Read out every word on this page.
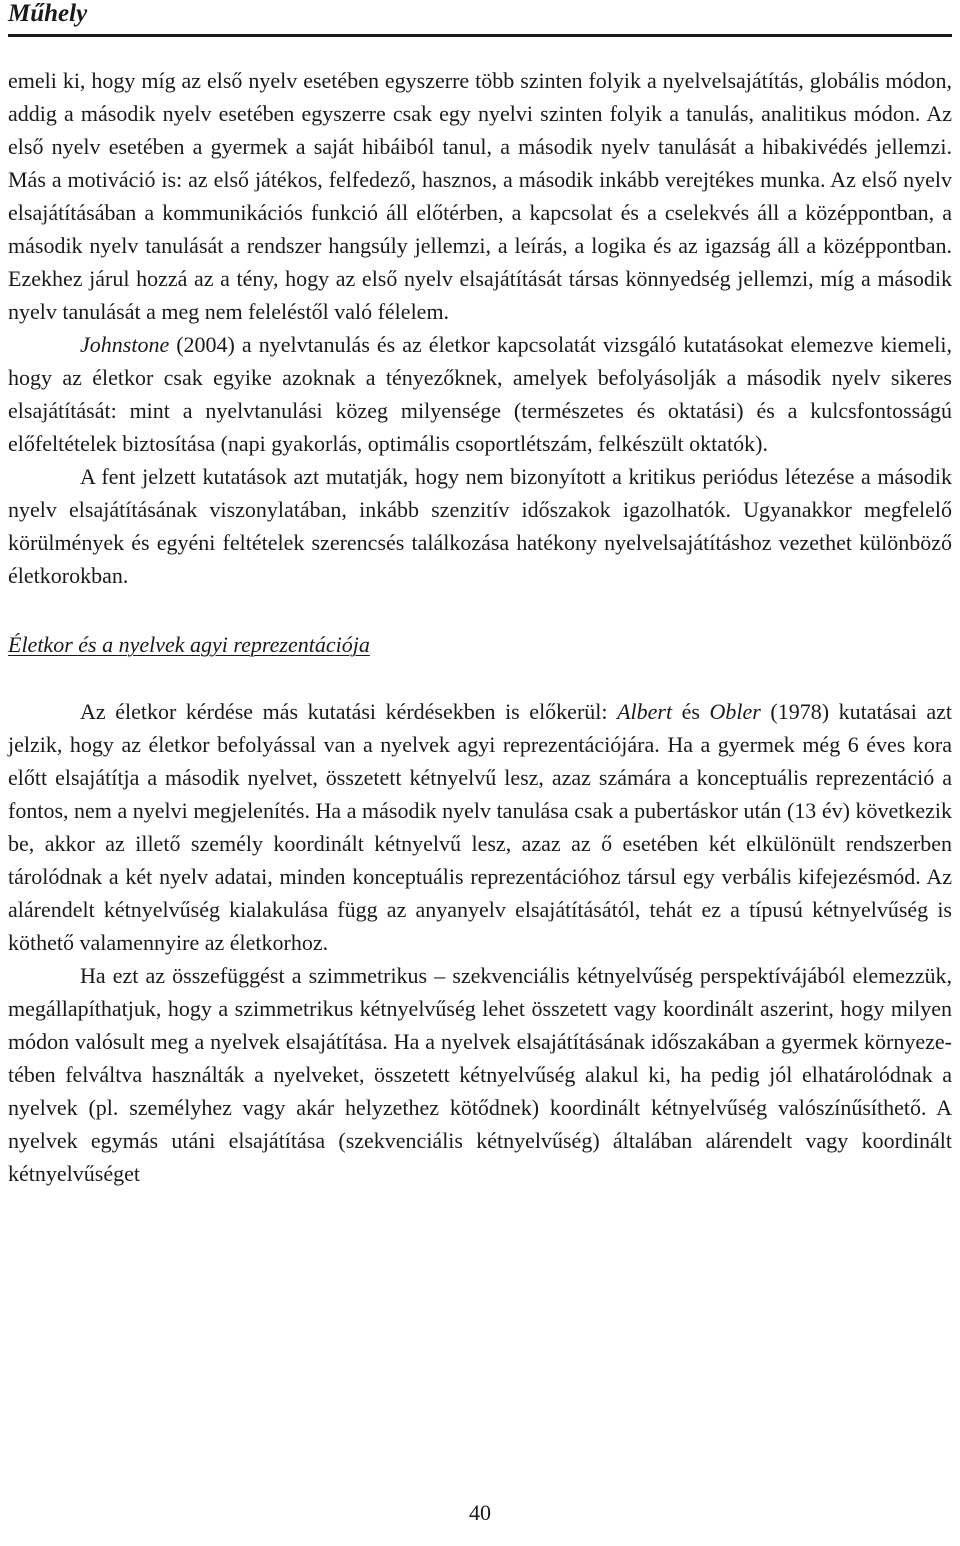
Műhely

emeli ki, hogy míg az első nyelv esetében egyszerre több szinten folyik a nyelvelsajátítás, globális módon, addig a második nyelv esetében egyszerre csak egy nyelvi szinten folyik a tanulás, analitikus módon. Az első nyelv esetében a gyermek a saját hibáiból tanul, a második nyelv tanulását a hibakivédés jellemzi. Más a motiváció is: az első játékos, felfedező, hasznos, a második inkább verejtékes munka. Az első nyelv elsajátításában a kommunikációs funkció áll előtérben, a kapcsolat és a cselekvés áll a középpontban, a második nyelv tanulását a rendszer hangsúly jellemzi, a leírás, a logika és az igazság áll a középpontban. Ezekhez járul hozzá az a tény, hogy az első nyelv elsajátítását társas könnyedség jellemzi, míg a második nyelv tanulását a meg nem feleléstől való félelem.

Johnstone (2004) a nyelvtanulás és az életkor kapcsolatát vizsgáló kutatásokat elemezve kiemeli, hogy az életkor csak egyike azoknak a tényezőknek, amelyek befolyásolják a második nyelv sikeres elsajátítását: mint a nyelvtanulási közeg milyensége (természetes és oktatási) és a kulcsfontosságú előfeltételek biztosítása (napi gyakorlás, optimális csoportlétszám, felkészült oktatók).

A fent jelzett kutatások azt mutatják, hogy nem bizonyított a kritikus periódus létezése a második nyelv elsajátításának viszonylatában, inkább szenzitív időszakok igazolhatók. Ugyanakkor megfelelő körülmények és egyéni feltételek szerencsés találkozása hatékony nyelvelsajátításhoz vezethet különböző életkorokban.

Életkor és a nyelvek agyi reprezentációja

Az életkor kérdése más kutatási kérdésekben is előkerül: Albert és Obler (1978) kutatásai azt jelzik, hogy az életkor befolyással van a nyelvek agyi reprezentációjára. Ha a gyermek még 6 éves kora előtt elsajátítja a második nyelvet, összetett kétnyelvű lesz, azaz számára a konceptuális reprezentáció a fontos, nem a nyelvi megjelenítés. Ha a második nyelv tanulása csak a pubertáskor után (13 év) következik be, akkor az illető személy koordinált kétnyelvű lesz, azaz az ő esetében két elkülönült rendszerben tárolódnak a két nyelv adatai, minden konceptuális reprezentációhoz társul egy verbális kifejezésmód. Az alárendelt kétnyelvűség kialakulása függ az anyanyelv elsajátításától, tehát ez a típusú kétnyelvűség is köthető valamennyire az életkorhoz.

Ha ezt az összefüggést a szimmetrikus – szekvenciális kétnyelvűség perspektívájából elemezzük, megállapíthatjuk, hogy a szimmetrikus kétnyelvűség lehet összetett vagy koordinált aszerint, hogy milyen módon valósult meg a nyelvek elsajátítása. Ha a nyelvek elsajátításának időszakában a gyermek környezetében felváltva használták a nyelveket, összetett kétnyelvűség alakul ki, ha pedig jól elhatárolódnak a nyelvek (pl. személyhez vagy akár helyzethez kötődnek) koordinált kétnyelvűség valószínűsíthető. A nyelvek egymás utáni elsajátítása (szekvenciális kétnyelvűség) általában alárendelt vagy koordinált kétnyelvűséget

40
